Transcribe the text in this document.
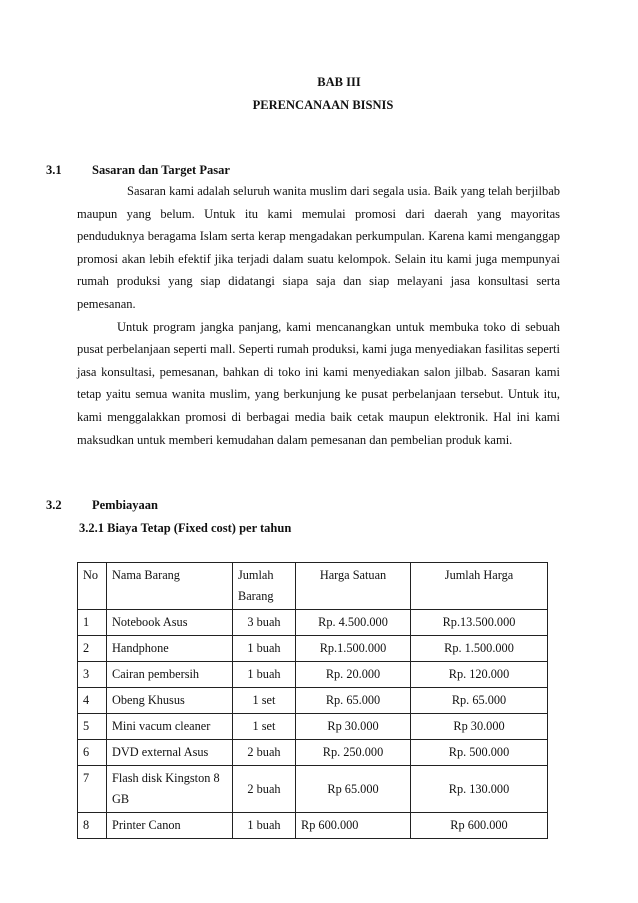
BAB III
PERENCANAAN BISNIS
3.1 Sasaran dan Target Pasar

Sasaran kami adalah seluruh wanita muslim dari segala usia. Baik yang telah berjilbab maupun yang belum. Untuk itu kami memulai promosi dari daerah yang mayoritas penduduknya beragama Islam serta kerap mengadakan perkumpulan. Karena kami menganggap promosi akan lebih efektif jika terjadi dalam suatu kelompok. Selain itu kami juga mempunyai rumah produksi yang siap didatangi siapa saja dan siap melayani jasa konsultasi serta pemesanan.

Untuk program jangka panjang, kami mencanangkan untuk membuka toko di sebuah pusat perbelanjaan seperti mall. Seperti rumah produksi, kami juga menyediakan fasilitas seperti jasa konsultasi, pemesanan, bahkan di toko ini kami menyediakan salon jilbab. Sasaran kami tetap yaitu semua wanita muslim, yang berkunjung ke pusat perbelanjaan tersebut. Untuk itu, kami menggalakkan promosi di berbagai media baik cetak maupun elektronik. Hal ini kami maksudkan untuk memberi kemudahan dalam pemesanan dan pembelian produk kami.

3.2 Pembiayaan
3.2.1 Biaya Tetap (Fixed cost) per tahun
No	Nama Barang	Jumlah Barang	Harga Satuan	Jumlah Harga
1	Notebook Asus	3 buah	Rp. 4.500.000	Rp.13.500.000
2	Handphone	1 buah	Rp.1.500.000	Rp. 1.500.000
3	Cairan pembersih	1 buah	Rp. 20.000	Rp. 120.000
4	Obeng Khusus	1 set	Rp. 65.000	Rp. 65.000
5	Mini vacum cleaner	1 set	Rp 30.000	Rp 30.000
6	DVD external Asus	2 buah	Rp. 250.000	Rp. 500.000
7	Flash disk Kingston 8 GB	2 buah	Rp 65.000	Rp. 130.000
8	Printer Canon	1 buah	Rp 600.000	Rp 600.000
